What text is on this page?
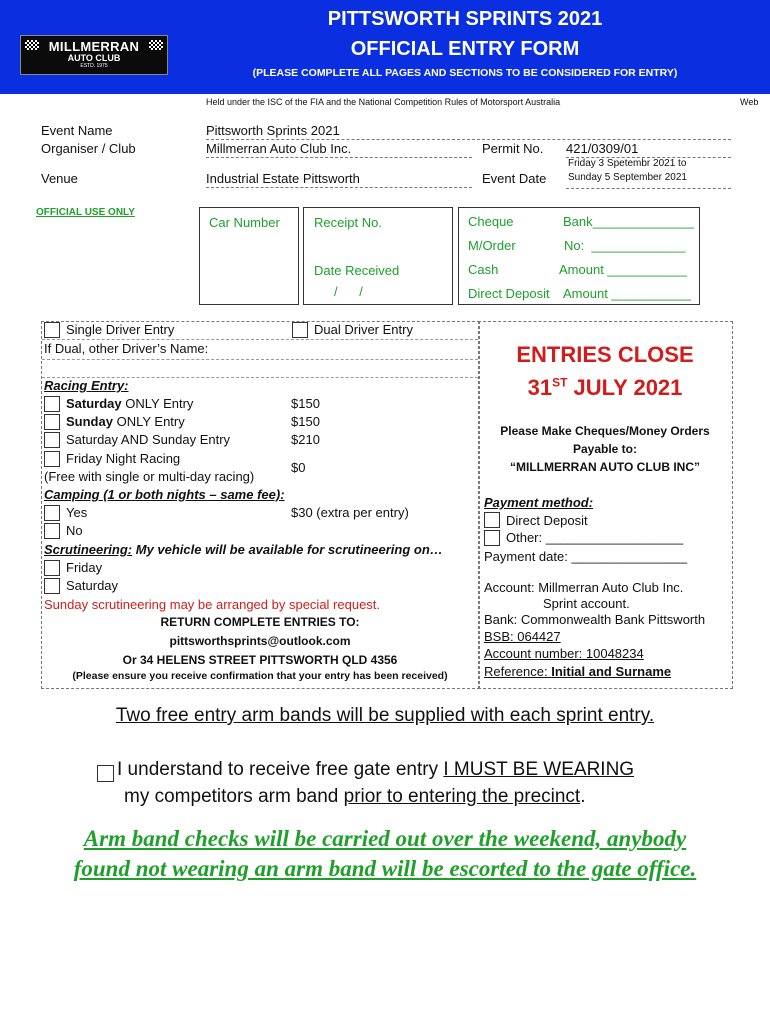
MILLMERRAN
AUTO CLUB
ESTD. 1975
PITTSWORTH SPRINTS 2021
OFFICIAL ENTRY FORM
(PLEASE COMPLETE ALL PAGES AND SECTIONS TO BE CONSIDERED FOR ENTRY)
Held under the ISC of the FIA and the National Competition Rules of Motorsport Australia	Web
Event Name	Pittsworth Sprints 2021
Organiser / Club	Millmerran Auto Club Inc.	Permit No. 421/0309/01
Venue	Industrial Estate Pittsworth	Event Date
Friday 3 Spetembr 2021 to
Sunday 5 September 2021
OFFICIAL USE ONLY
Car Number	Receipt No.
Date Received
/      /
Cheque	Bank______________
M/Order	No:  _____________
Cash	Amount ___________
Direct Deposit Amount ___________
Single Driver Entry	Dual Driver Entry
If Dual, other Driver’s Name:
Racing Entry:
Saturday ONLY Entry	$150
Sunday ONLY Entry	$150
Saturday AND Sunday Entry	$210
Friday Night Racing
(Free with single or multi-day racing)
$0
Camping (1 or both nights – same fee):
Yes	$30 (extra per entry)
No
Scrutineering: My vehicle will be available for scrutineering on…
Friday
Saturday
Sunday scrutineering may be arranged by special request.
RETURN COMPLETE ENTRIES TO:
pittsworthsprints@outlook.com
Or 34 HELENS STREET PITTSWORTH QLD 4356
(Please ensure you receive confirmation that your entry has been received)
ENTRIES CLOSE
31ST JULY 2021
Please Make Cheques/Money Orders
Payable to:
“MILLMERRAN AUTO CLUB INC”
Payment method:
Direct Deposit
Other: ___________________
Payment date: ________________
Account: Millmerran Auto Club Inc.
Sprint account.
Bank: Commonwealth Bank Pittsworth
BSB: 064427
Account number: 10048234
Reference: Initial and Surname
Two free entry arm bands will be supplied with each sprint entry.
I understand to receive free gate entry I MUST BE WEARING
my competitors arm band prior to entering the precinct.
Arm band checks will be carried out over the weekend, anybody
found not wearing an arm band will be escorted to the gate office.
